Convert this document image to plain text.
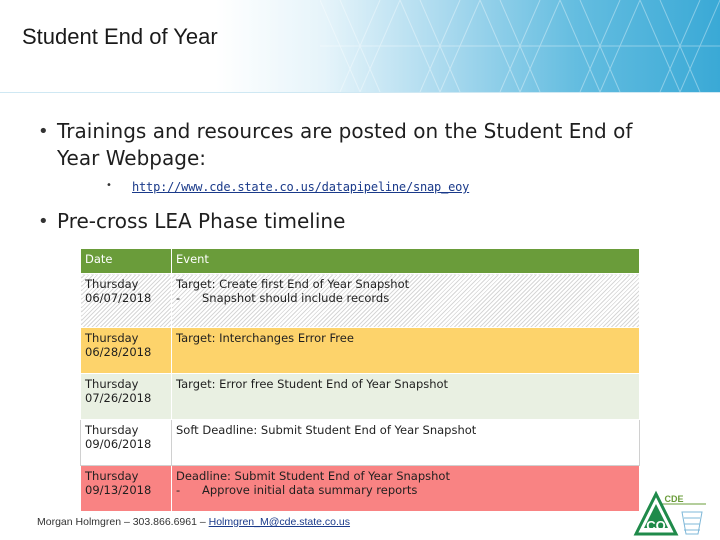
Student End of Year
• Trainings and resources are posted on the Student End of Year Webpage:
• http://www.cde.state.co.us/datapipeline/snap_eoy
• Pre-cross LEA Phase timeline
Date	Event
Thursday
06/07/2018	Target: Create first End of Year Snapshot
- Snapshot should include records

Thursday
06/28/2018	Target: Interchanges Error Free
Thursday
07/26/2018	Target: Error free Student End of Year Snapshot
Thursday
09/06/2018	Soft Deadline: Submit Student End of Year Snapshot
Thursday
09/13/2018	Deadline: Submit Student End of Year Snapshot
- Approve initial data summary reports
Morgan Holmgren – 303.866.6961 – Holmgren_M@cde.state.co.us
CDE
CO
